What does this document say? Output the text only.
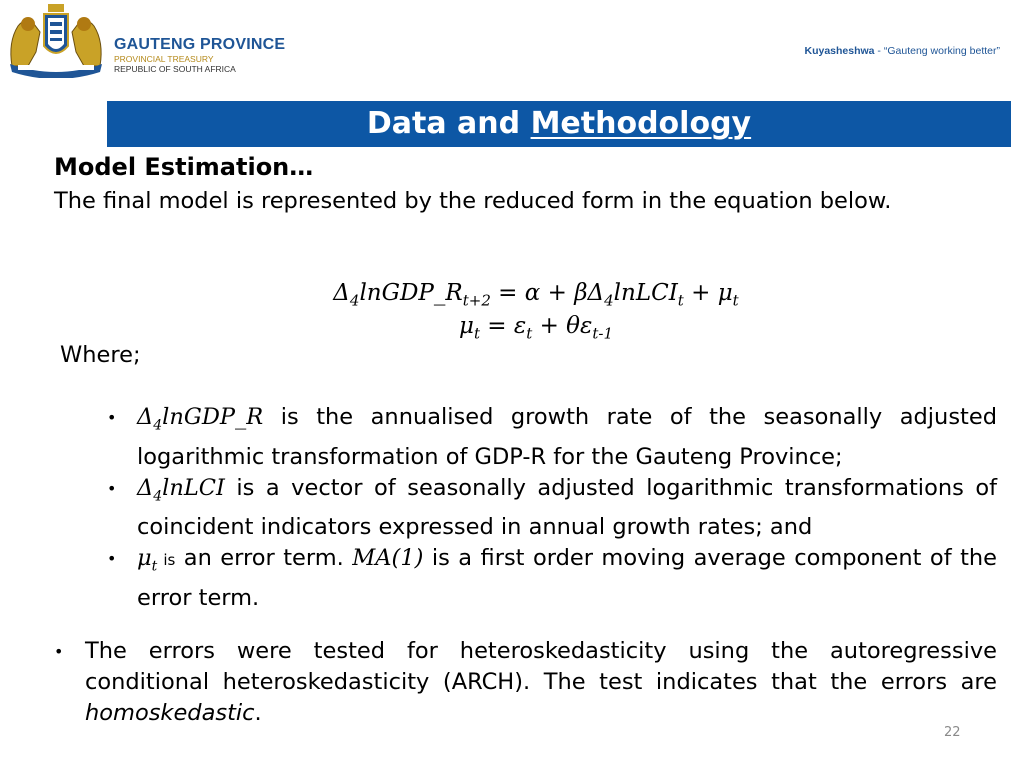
GAUTENG PROVINCE
PROVINCIAL TREASURY
REPUBLIC OF SOUTH AFRICA
Kuyasheshwa - “Gauteng working better”
Data and Methodology
Model Estimation…
The final model is represented by the reduced form in the equation below.
$\Delta_4lnGDP\_R_{t+2} = \alpha$ + $\beta\Delta_4lnLCI_t + \mu_t$
$\mu_t = \varepsilon_t + \theta\varepsilon_{t-1}$
Where;
• $\Delta_4lnGDP\_R$ is the annualised growth rate of the seasonally adjusted logarithmic transformation of GDP-R for the Gauteng Province;
• $\Delta_4lnLCI$ is a vector of seasonally adjusted logarithmic transformations of coincident indicators expressed in annual growth rates; and
• $\mu_t$ is an error term. MA(1) is a first order moving average component of the error term.
• The errors were tested for heteroskedasticity using the autoregressive conditional heteroskedasticity (ARCH). The test indicates that the errors are homoskedastic.
22
